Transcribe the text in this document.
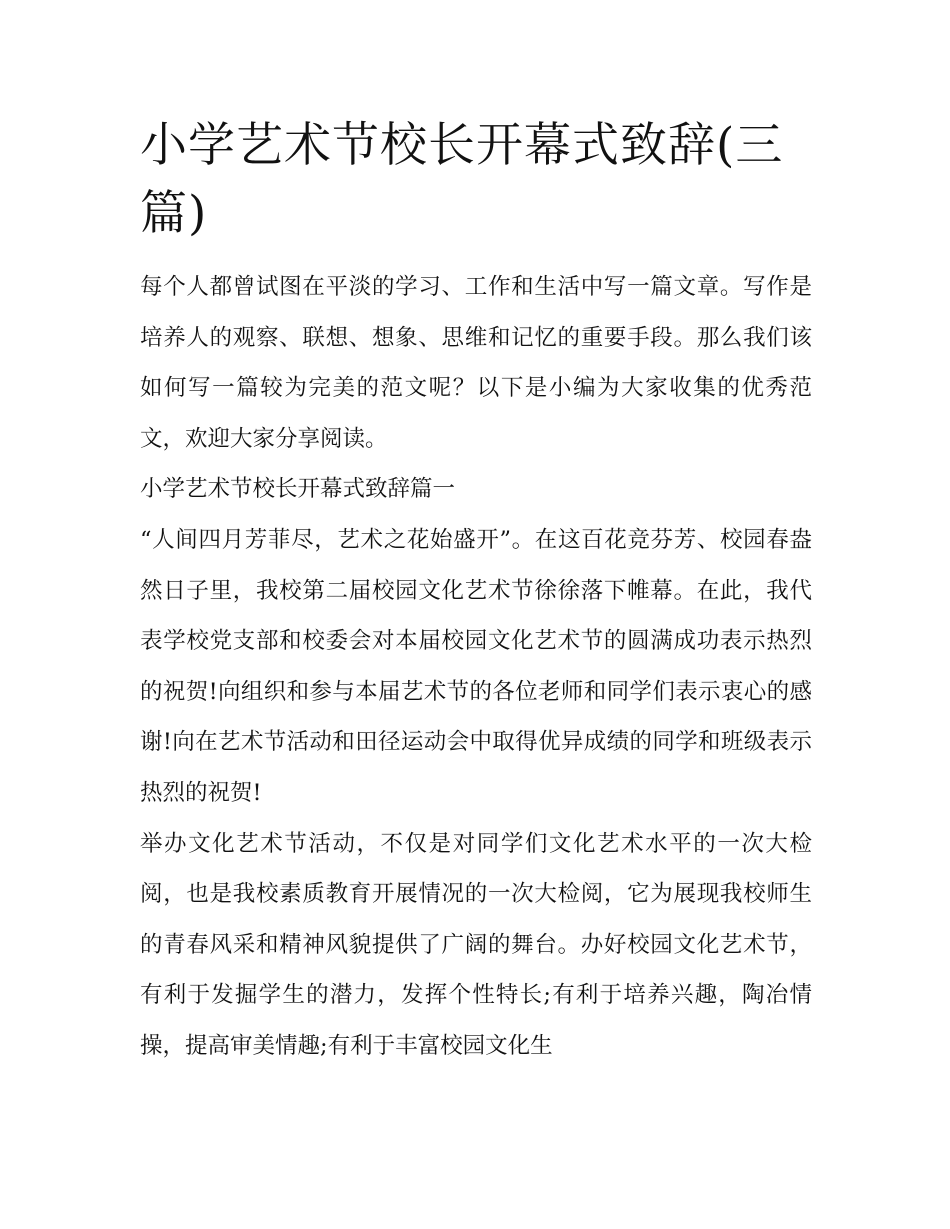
小学艺术节校长开幕式致辞(三篇)

每个人都曾试图在平淡的学习、工作和生活中写一篇文章。写作是培养人的观察、联想、想象、思维和记忆的重要手段。那么我们该如何写一篇较为完美的范文呢？以下是小编为大家收集的优秀范文，欢迎大家分享阅读。

小学艺术节校长开幕式致辞篇一

“人间四月芳菲尽，艺术之花始盛开”。在这百花竞芬芳、校园春盎然日子里，我校第二届校园文化艺术节徐徐落下帷幕。在此，我代表学校党支部和校委会对本届校园文化艺术节的圆满成功表示热烈的祝贺!向组织和参与本届艺术节的各位老师和同学们表示衷心的感谢!向在艺术节活动和田径运动会中取得优异成绩的同学和班级表示热烈的祝贺!

举办文化艺术节活动，不仅是对同学们文化艺术水平的一次大检阅，也是我校素质教育开展情况的一次大检阅，它为展现我校师生的青春风采和精神风貌提供了广阔的舞台。办好校园文化艺术节，有利于发掘学生的潜力，发挥个性特长;有利于培养兴趣，陶冶情操，提高审美情趣;有利于丰富校园文化生
